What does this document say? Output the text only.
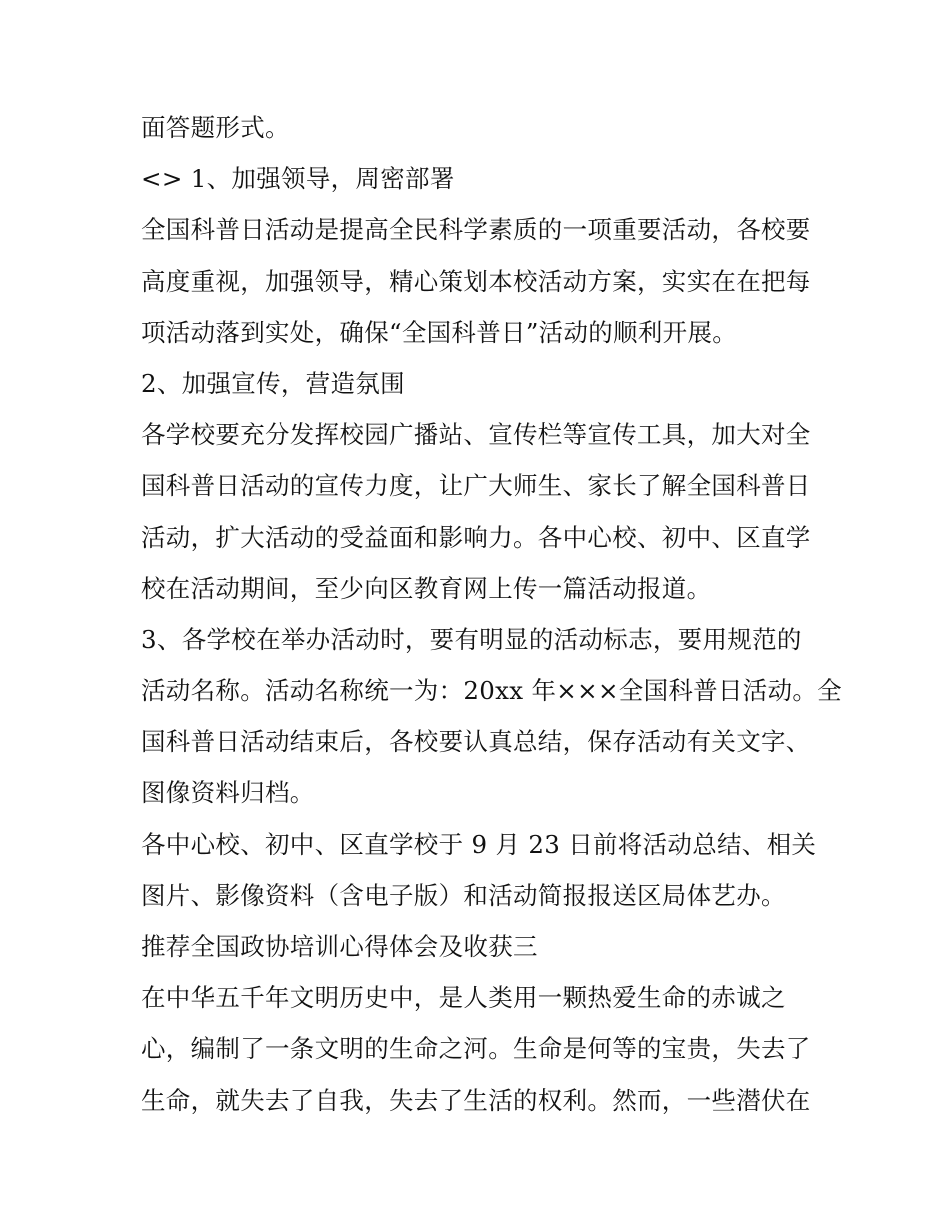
面答题形式。
<> 1、加强领导，周密部署
全国科普日活动是提高全民科学素质的一项重要活动，各校要
高度重视，加强领导，精心策划本校活动方案，实实在在把每
项活动落到实处，确保“全国科普日”活动的顺利开展。
2、加强宣传，营造氛围
各学校要充分发挥校园广播站、宣传栏等宣传工具，加大对全
国科普日活动的宣传力度，让广大师生、家长了解全国科普日
活动，扩大活动的受益面和影响力。各中心校、初中、区直学
校在活动期间，至少向区教育网上传一篇活动报道。
3、各学校在举办活动时，要有明显的活动标志，要用规范的
活动名称。活动名称统一为：20xx 年×××全国科普日活动。全
国科普日活动结束后，各校要认真总结，保存活动有关文字、
图像资料归档。
各中心校、初中、区直学校于 9 月 23 日前将活动总结、相关
图片、影像资料（含电子版）和活动简报报送区局体艺办。
推荐全国政协培训心得体会及收获三
在中华五千年文明历史中，是人类用一颗热爱生命的赤诚之
心，编制了一条文明的生命之河。生命是何等的宝贵，失去了
生命，就失去了自我，失去了生活的权利。然而，一些潜伏在
